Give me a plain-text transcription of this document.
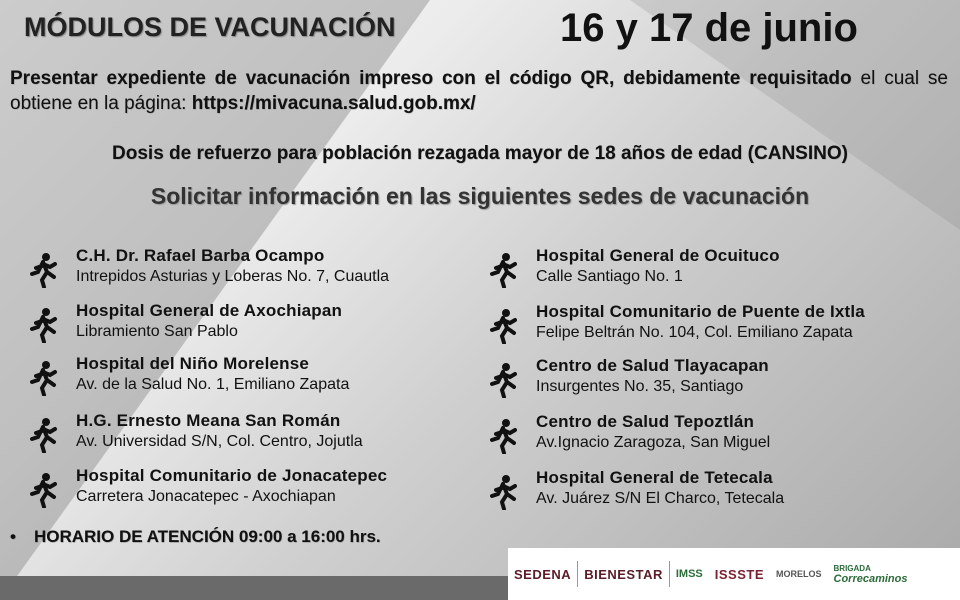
MÓDULOS DE VACUNACIÓN	16 y 17 de junio
Presentar expediente de vacunación impreso con el código QR, debidamente requisitado el cual se obtiene en la página: https://mivacuna.salud.gob.mx/
Dosis de refuerzo para población rezagada mayor de 18 años de edad (CANSINO)
Solicitar información en las siguientes sedes de vacunación
C.H. Dr. Rafael Barba Ocampo
Intrepidos Asturias y Loberas No. 7, Cuautla
Hospital General de Axochiapan
Libramiento San Pablo
Hospital del Niño Morelense
Av. de la Salud No. 1, Emiliano Zapata
H.G. Ernesto Meana San Román
Av. Universidad S/N, Col. Centro, Jojutla
Hospital Comunitario de Jonacatepec
Carretera Jonacatepec - Axochiapan
Hospital General de Ocuituco
Calle Santiago No. 1
Hospital Comunitario de Puente de Ixtla
Felipe Beltrán No. 104, Col. Emiliano Zapata
Centro de Salud Tlayacapan
Insurgentes No. 35, Santiago
Centro de Salud Tepoztlán
Av.Ignacio Zaragoza, San Miguel
Hospital General de Tetecala
Av. Juárez S/N El Charco, Tetecala
• HORARIO DE ATENCIÓN 09:00 a 16:00 hrs.
SEDENA	BIENESTAR	IMSS ISSSTE	MORELOS
BRIGADA
Correcaminos
